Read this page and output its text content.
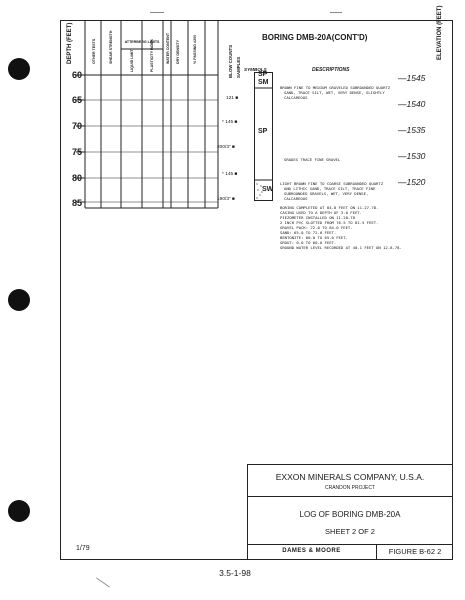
DEPTH (FEET)	OTHER TESTS	SHEAR STRENGTH	ATTERBERG LIMITS
LIQUID LIMIT	PLASTICITY INDEX	WATER CONTENT DRY DENSITY	% PASSING #200	BLOW COUNTS SAMPLES
ELEVATION (FEET)
BORING DMB-20A(CONT'D)
60
65
70
75
80
85
121 ■
* 145 ■
200/3" ■
* 145 ■
190/3" ■
SYMBOLS
SP
SM
SP
SW
DESCRIPTIONS
BROWN FINE TO MEDIUM GRAVELED SUBROUNDED QUARTZ
SAND, TRACE SILT, WET, VERY DENSE, SLIGHTLY
CALCAREOUS
GRADES TRACE FINE GRAVEL
LIGHT BROWN FINE TO COARSE SUBROUNDED QUARTZ
AND LITHIC SAND, TRACE SILT, TRACE FINE
SUBROUNDED GRAVELS, WET, VERY DENSE,
CALCAREOUS
BORING COMPLETED AT 84.8 FEET ON 11-27-78.
CASING USED TO A DEPTH OF 3.0 FEET.
PIEZOMETER INSTALLED ON 11-28-78
2 INCH PVC SLOTTED FROM 76.5 TO 81.5 FEET.
GRAVEL PACK: 72.0 TO 84.0 FEET.
SAND: 65.0 TO 72.0 FEET.
BENTONITE: 60.0 TO 65.0 FEET.
GROUT: 0.0 TO 60.0 FEET.
GROUND WATER LEVEL RECORDED AT 40.1 FEET ON 12-8-78.
—1545
—1540
—1535
—1530
—1520
EXXON MINERALS COMPANY, U.S.A.
CRANDON PROJECT
LOG OF BORING DMB-20A
SHEET 2 OF 2
DAMES & MOORE	FIGURE B-62 2
1/79
3.5-1-98
